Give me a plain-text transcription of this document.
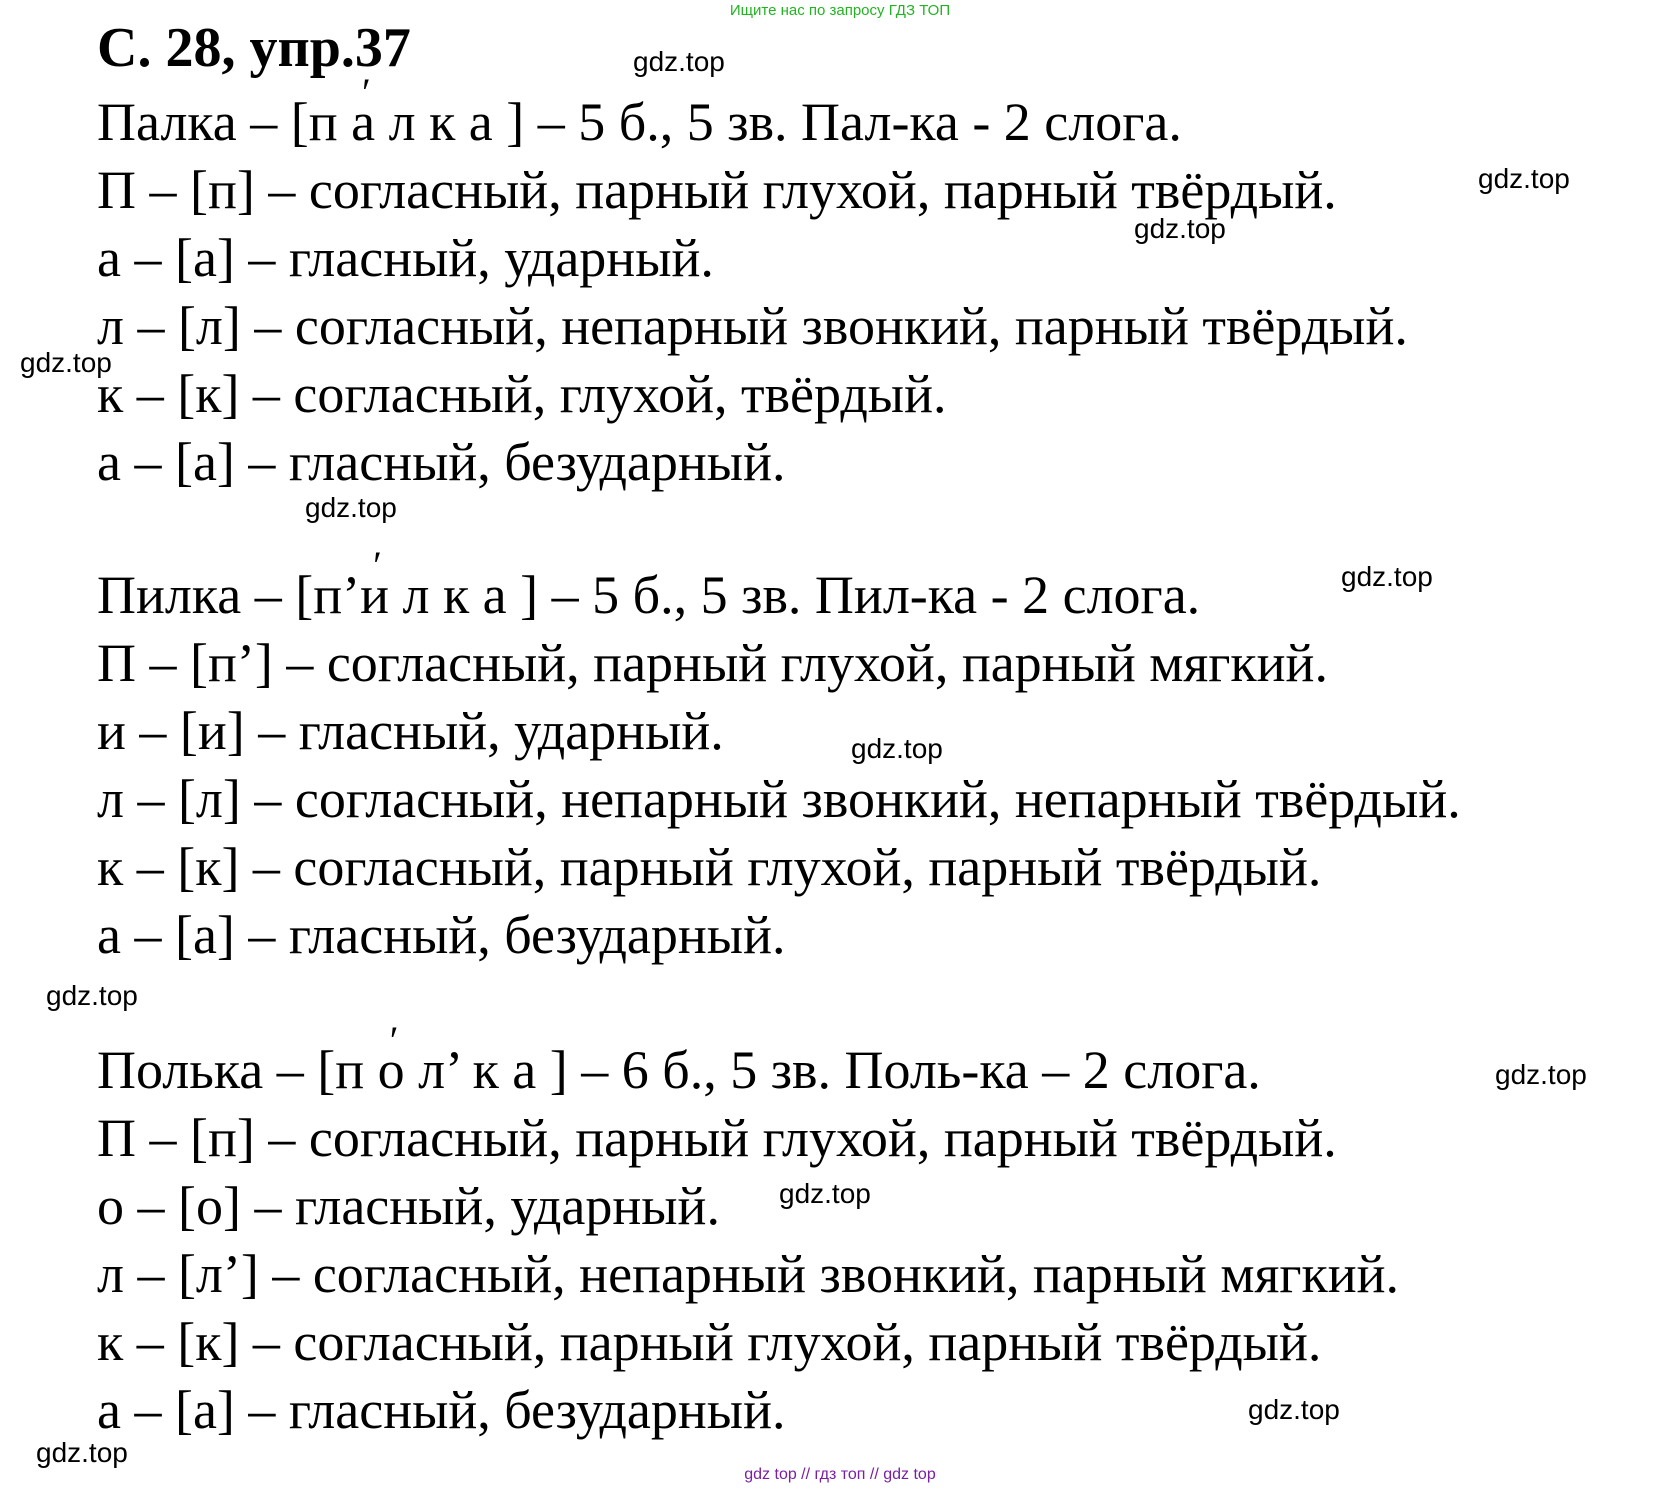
Ищите нас по запросу ГДЗ ТОП
С. 28, упр.37
Палка – [п ′ а л к а ] – 5 б., 5 зв. Пал-ка - 2 слога.
П – [п] – согласный, парный глухой, парный твёрдый.
а – [а] – гласный, ударный.
л – [л] – согласный, непарный звонкий, парный твёрдый.
к – [к] – согласный, глухой, твёрдый.
а – [а] – гласный, безударный.
Пилка – [п’′ и л к а ] – 5 б., 5 зв. Пил-ка - 2 слога.
П – [п’] – согласный, парный глухой, парный мягкий.
и – [и] – гласный, ударный.
л – [л] – согласный, непарный звонкий, непарный твёрдый.
к – [к] – согласный, парный глухой, парный твёрдый.
а – [а] – гласный, безударный.
Полька – [п ′ о л’ к а ] – 6 б., 5 зв. Поль-ка – 2 слога.
П – [п] – согласный, парный глухой, парный твёрдый.
о – [о] – гласный, ударный.
л – [л’] – согласный, непарный звонкий, парный мягкий.
к – [к] – согласный, парный глухой, парный твёрдый.
а – [а] – гласный, безударный.
gdz.top
gdz.top
gdz.top
gdz.top
gdz.top
gdz.top
gdz.top
gdz.top
gdz.top
gdz.top
gdz.top
gdz.top
gdz top // гдз топ // gdz top
